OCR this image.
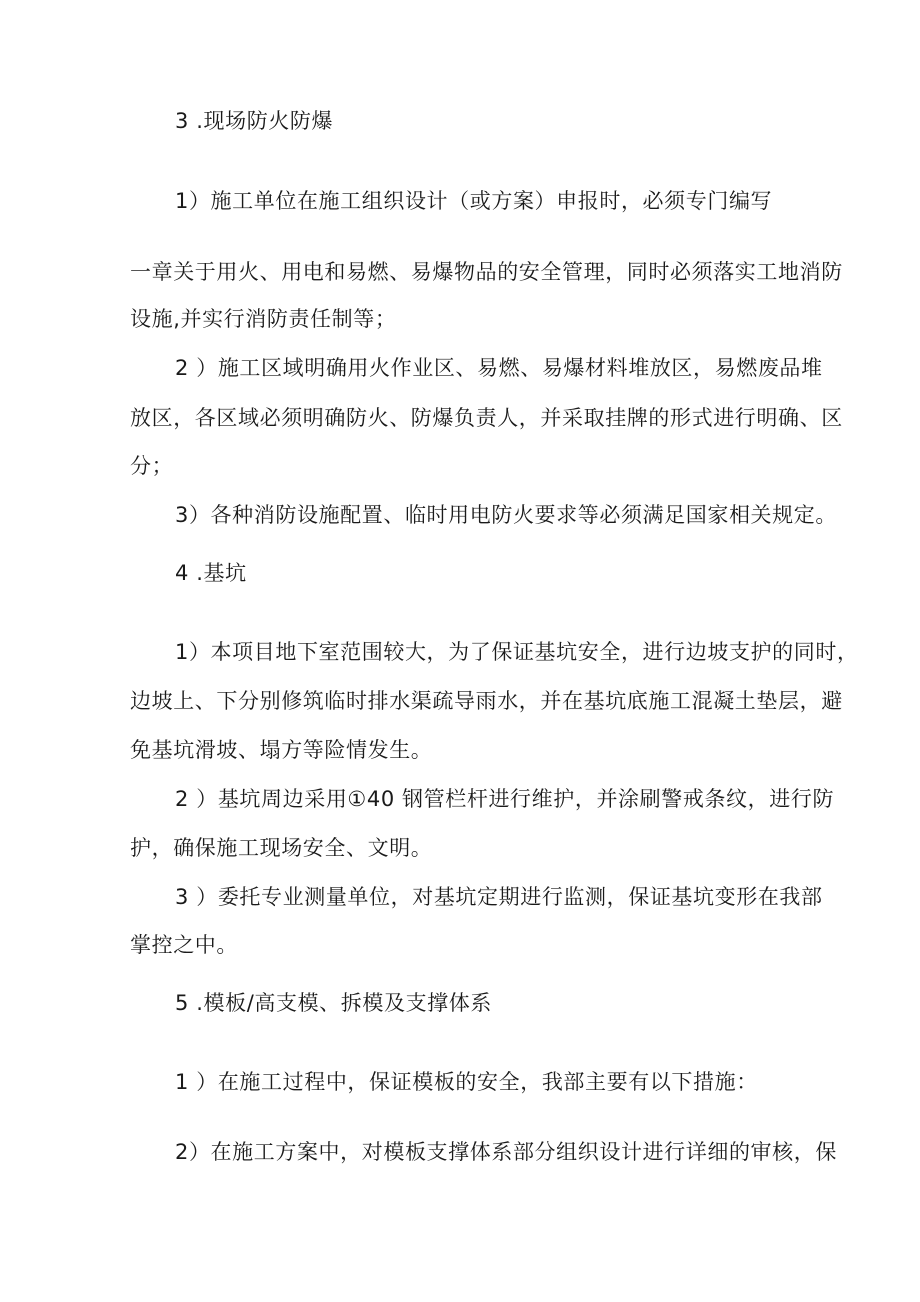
3 .现场防火防爆

1）施工单位在施工组织设计（或方案）申报时，必须专门编写

一章关于用火、用电和易燃、易爆物品的安全管理，同时必须落实工地消防

设施,并实行消防责任制等；

2 ）施工区域明确用火作业区、易燃、易爆材料堆放区，易燃废品堆

放区，各区域必须明确防火、防爆负责人，并采取挂牌的形式进行明确、区

分；

3）各种消防设施配置、临时用电防火要求等必须满足国家相关规定。

4 .基坑

1）本项目地下室范围较大，为了保证基坑安全，进行边坡支护的同时，

边坡上、下分别修筑临时排水渠疏导雨水，并在基坑底施工混凝土垫层，避

免基坑滑坡、塌方等险情发生。

2 ）基坑周边采用①40 钢管栏杆进行维护，并涂刷警戒条纹，进行防

护，确保施工现场安全、文明。

3 ）委托专业测量单位，对基坑定期进行监测，保证基坑变形在我部

掌控之中。

5 .模板/高支模、拆模及支撑体系

1 ）在施工过程中，保证模板的安全，我部主要有以下措施：

2）在施工方案中，对模板支撑体系部分组织设计进行详细的审核，保
